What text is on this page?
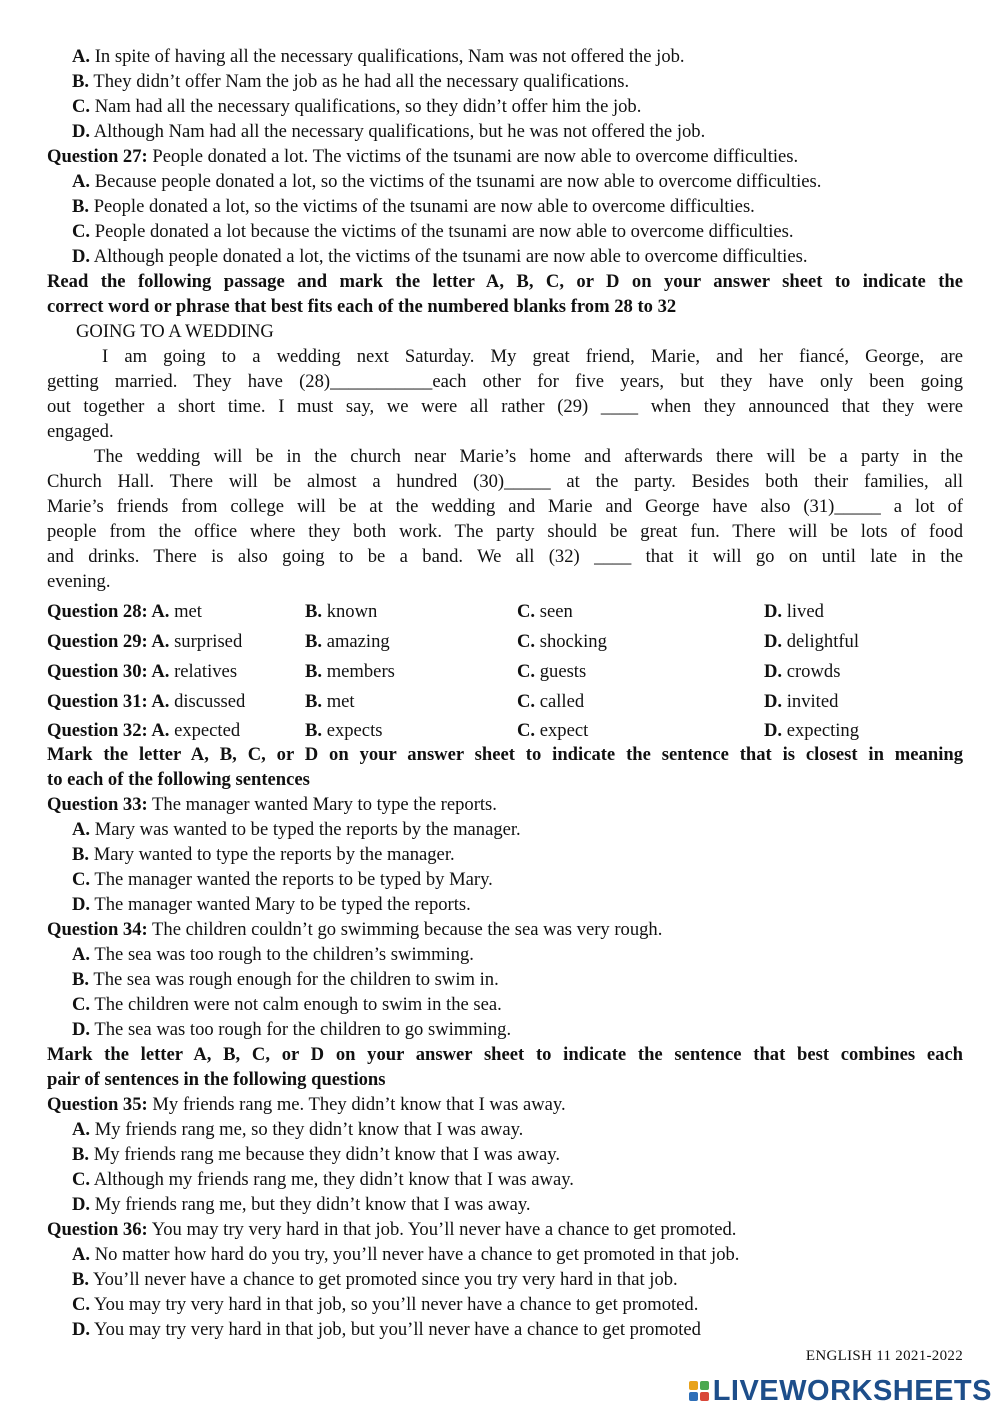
A. In spite of having all the necessary qualifications, Nam was not offered the job.
B. They didn’t offer Nam the job as he had all the necessary qualifications.
C. Nam had all the necessary qualifications, so they didn’t offer him the job.
D. Although Nam had all the necessary qualifications, but he was not offered the job.
Question 27: People donated a lot. The victims of the tsunami are now able to overcome difficulties.
A. Because people donated a lot, so the victims of the tsunami are now able to overcome difficulties.
B. People donated a lot, so the victims of the tsunami are now able to overcome difficulties.
C. People donated a lot because the victims of the tsunami are now able to overcome difficulties.
D. Although people donated a lot, the victims of the tsunami are now able to overcome difficulties.
Read the following passage and mark the letter A, B, C, or D on your answer sheet to indicate the
correct word or phrase that best fits each of the numbered blanks from 28 to 32
GOING TO A WEDDING
I am going to a wedding next Saturday. My great friend, Marie, and her fiancé, George, are
getting married. They have (28)___________each other for five years, but they have only been going
out together a short time. I must say, we were all rather (29) ____ when they announced that they were
engaged.
The wedding will be in the church near Marie’s home and afterwards there will be a party in the
Church Hall. There will be almost a hundred (30)_____ at the party. Besides both their families, all
Marie’s friends from college will be at the wedding and Marie and George have also (31)_____ a lot of
people from the office where they both work. The party should be great fun. There will be lots of food
and drinks. There is also going to be a band. We all (32) ____ that it will go on until late in the
evening.
Question 28: A. met	B. known	C. seen	D. lived
Question 29: A. surprised	B. amazing	C. shocking	D. delightful
Question 30: A. relatives	B. members	C. guests	D. crowds
Question 31: A. discussed	B. met	C. called	D. invited
Question 32: A. expected	B. expects	C. expect	D. expecting
Mark the letter A, B, C, or D on your answer sheet to indicate the sentence that is closest in meaning
to each of the following sentences
Question 33: The manager wanted Mary to type the reports.
A. Mary was wanted to be typed the reports by the manager.
B. Mary wanted to type the reports by the manager.
C. The manager wanted the reports to be typed by Mary.
D. The manager wanted Mary to be typed the reports.
Question 34: The children couldn’t go swimming because the sea was very rough.
A. The sea was too rough to the children’s swimming.
B. The sea was rough enough for the children to swim in.
C. The children were not calm enough to swim in the sea.
D. The sea was too rough for the children to go swimming.
Mark the letter A, B, C, or D on your answer sheet to indicate the sentence that best combines each
pair of sentences in the following questions
Question 35: My friends rang me. They didn’t know that I was away.
A. My friends rang me, so they didn’t know that I was away.
B. My friends rang me because they didn’t know that I was away.
C. Although my friends rang me, they didn’t know that I was away.
D. My friends rang me, but they didn’t know that I was away.
Question 36: You may try very hard in that job. You’ll never have a chance to get promoted.
A. No matter how hard do you try, you’ll never have a chance to get promoted in that job.
B. You’ll never have a chance to get promoted since you try very hard in that job.
C. You may try very hard in that job, so you’ll never have a chance to get promoted.
D. You may try very hard in that job, but you’ll never have a chance to get promoted
ENGLISH 11 2021-2022
LIVEWORKSHEETS
